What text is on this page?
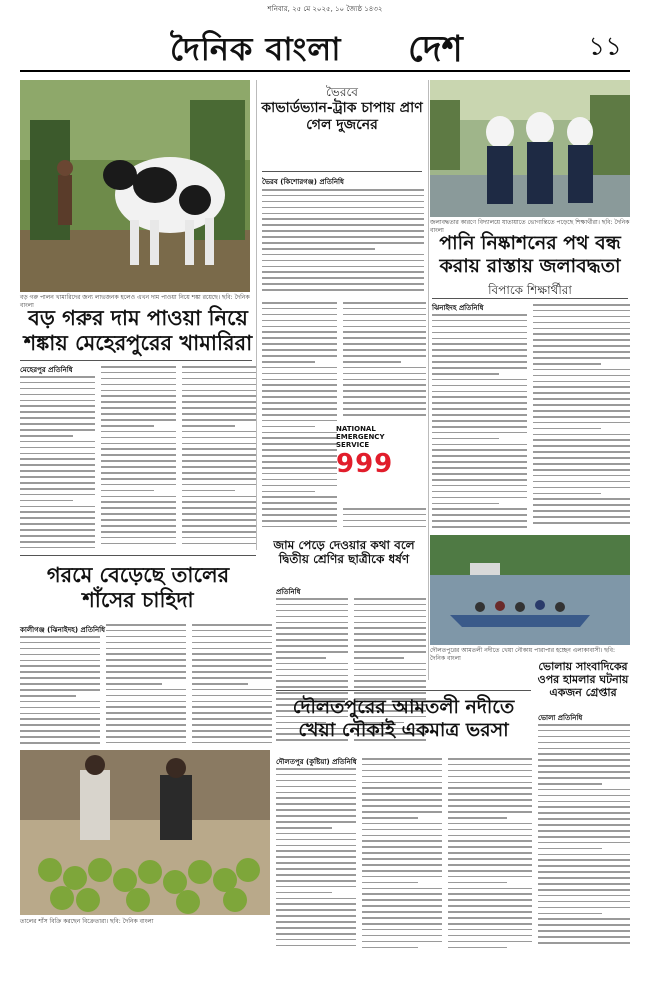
শনিবার, ২৫ মে ২০২৫, ১০ জ্যৈষ্ঠ ১৪৩২
দৈনিক বাংলা দেশ	১১
বড় গরু পালন খামারিদের জন্য লাভজনক হলেও এখন দাম পাওয়া নিয়ে শঙ্কা রয়েছে। ছবি: দৈনিক বাংলা
ভৈরবে
কাভার্ডভ্যান-ট্রাক চাপায় প্রাণ গেল দুজনের
ভৈরব (কিশোরগঞ্জ) প্রতিনিধি
জলাবদ্ধতার কারণে বিদ্যালয়ে যাতায়াতে ভোগান্তিতে পড়েছে শিক্ষার্থীরা। ছবি: দৈনিক বাংলা
পানি নিষ্কাশনের পথ বন্ধ করায় রাস্তায় জলাবদ্ধতা
বিপাকে শিক্ষার্থীরা
ঝিনাইদহ প্রতিনিধি
বড় গরুর দাম পাওয়া নিয়ে শঙ্কায় মেহেরপুরের খামারিরা
মেহেরপুর প্রতিনিধি
NATIONAL
EMERGENCY
SERVICE
999
গরমে বেড়েছে তালের শাঁসের চাহিদা
কালীগঞ্জ (ঝিনাইদহ) প্রতিনিধি
জাম পেড়ে দেওয়ার কথা বলে দ্বিতীয় শ্রেণির ছাত্রীকে ধর্ষণ
প্রতিনিধি
দৌলতপুরের আমতলী নদীতে খেয়া নৌকায় পারাপার হচ্ছেন এলাকাবাসী। ছবি: দৈনিক বাংলা
ভোলায় সাংবাদিকের ওপর হামলার ঘটনায় একজন গ্রেপ্তার
ভোলা প্রতিনিধি
দৌলতপুরের আমতলী নদীতে খেয়া নৌকাই একমাত্র ভরসা
দৌলতপুর (কুষ্টিয়া) প্রতিনিধি
তালের শাঁস বিক্রি করছেন বিক্রেতারা। ছবি: দৈনিক বাংলা
